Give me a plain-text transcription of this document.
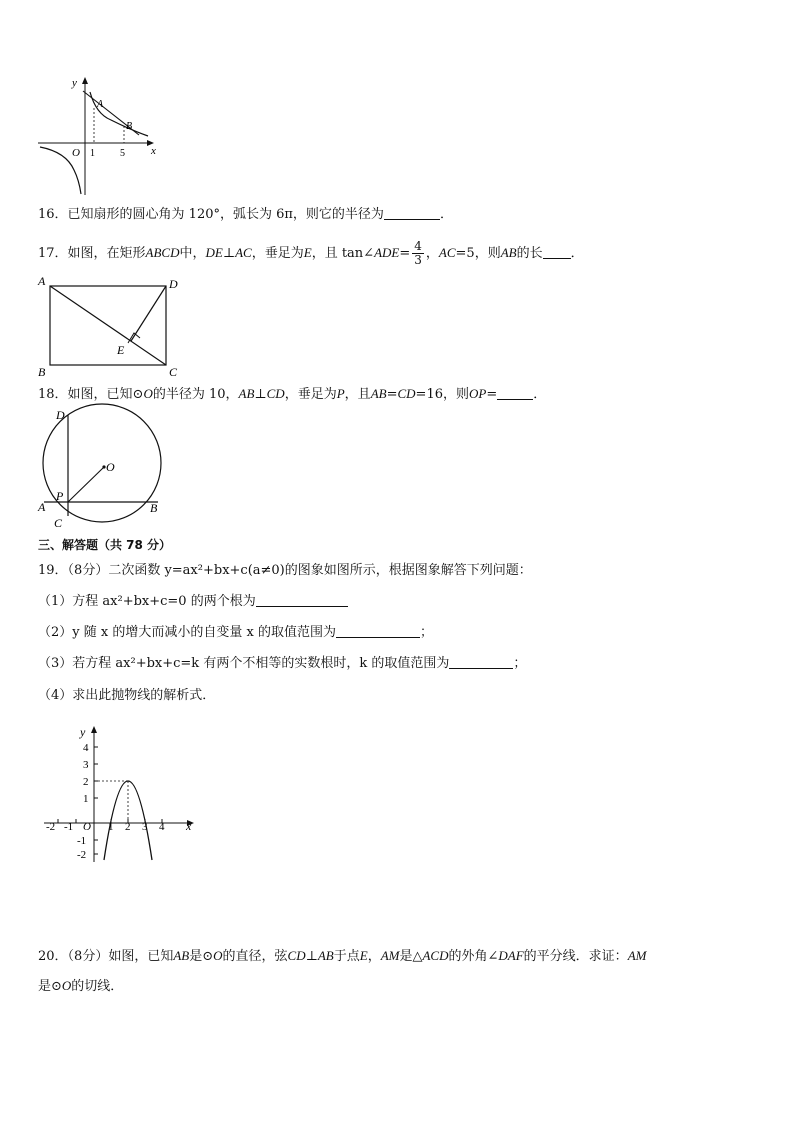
y
x
O
A
B
1	5
16．已知扇形的圆心角为 120°，弧长为 6π，则它的半径为	．
17．如图，在矩形ABCD中，DE⊥AC，垂足为E，且 tan∠ADE= $\frac{4}{3}$ ，AC=5，则AB的长 ．
A	D
B	C
E
18．如图，已知⊙O的半径为 10，AB⊥CD，垂足为P，且AB=CD=16，则OP=	．
D
O
P
A	B
C
三、解答题（共 78 分）
19．（8分）二次函数 y=ax²+bx+c(a≠0)的图象如图所示，根据图象解答下列问题：
（1）方程 ax²+bx+c=0 的两个根为
（2）y 随 x 的增大而减小的自变量 x 的取值范围为	；
（3）若方程 ax²+bx+c=k 有两个不相等的实数根时，k 的取值范围为	；
（4）求出此抛物线的解析式．
y
x
O
4
3
2
1
-1
-2
-2 -1	1 2 3 4
20．（8分）如图，已知AB是⊙O的直径，弦CD⊥AB于点E，AM是△ACD的外角∠DAF的平分线．求证：AM
是⊙O的切线．
